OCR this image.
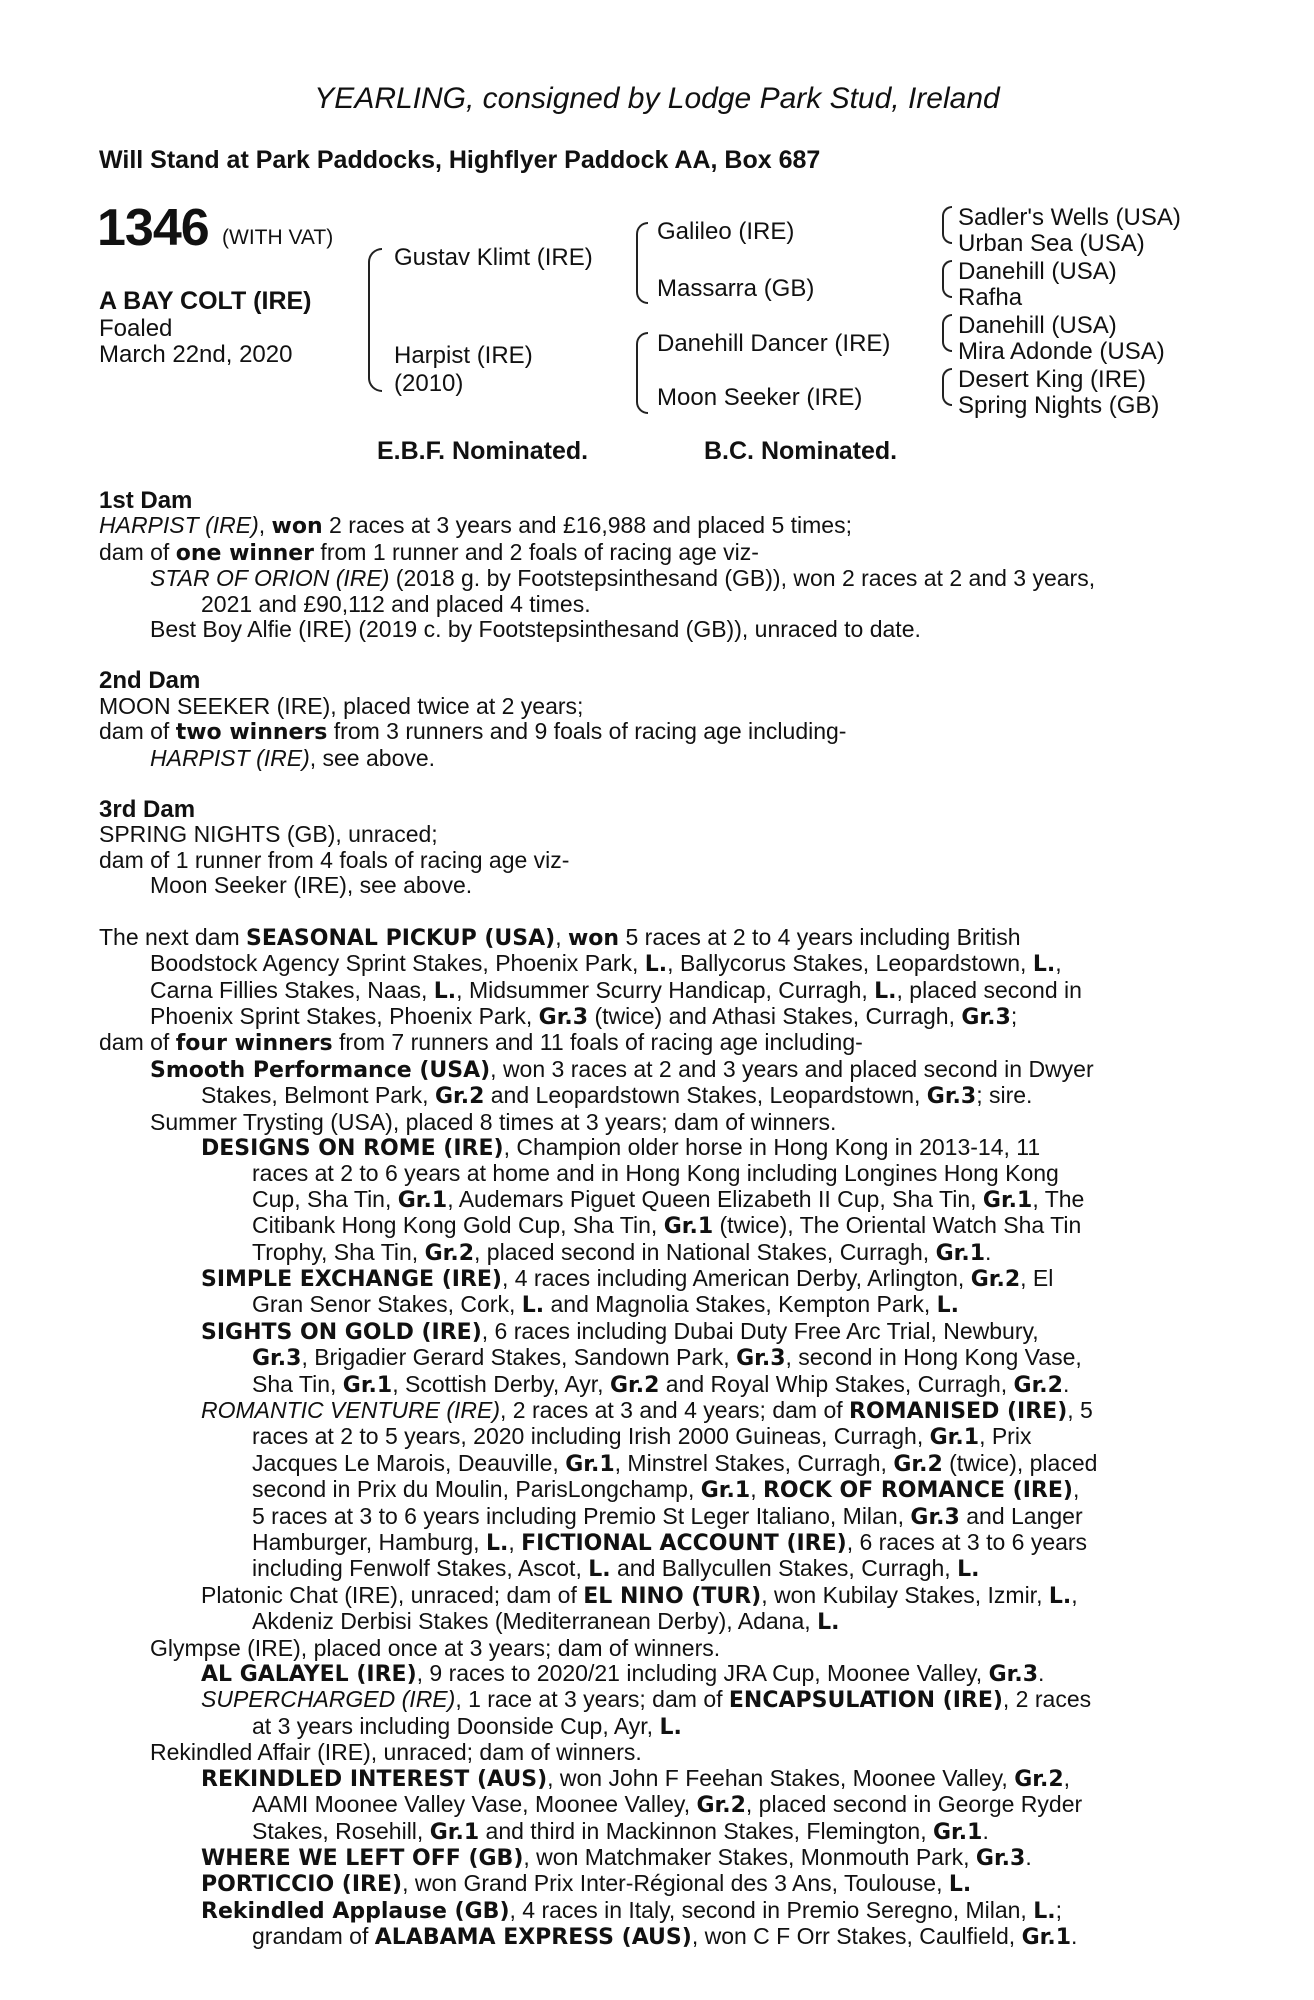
YEARLING, consigned by Lodge Park Stud, Ireland
Will Stand at Park Paddocks, Highflyer Paddock AA, Box 687
1346 (WITH VAT)
A BAY COLT (IRE)
Foaled
March 22nd, 2020
Gustav Klimt (IRE)
Harpist (IRE)
(2010)
Galileo (IRE)
Massarra (GB)
Danehill Dancer (IRE)
Moon Seeker (IRE)
Sadler's Wells (USA)
Urban Sea (USA)
Danehill (USA)
Rafha
Danehill (USA)
Mira Adonde (USA)
Desert King (IRE)
Spring Nights (GB)
E.B.F. Nominated.	B.C. Nominated.
1st Dam
HARPIST (IRE), won 2 races at 3 years and £16,988 and placed 5 times;
dam of one winner from 1 runner and 2 foals of racing age viz-
STAR OF ORION (IRE) (2018 g. by Footstepsinthesand (GB)), won 2 races at 2 and 3 years,
2021 and £90,112 and placed 4 times.
Best Boy Alfie (IRE) (2019 c. by Footstepsinthesand (GB)), unraced to date.
2nd Dam
MOON SEEKER (IRE), placed twice at 2 years;
dam of two winners from 3 runners and 9 foals of racing age including-
HARPIST (IRE), see above.
3rd Dam
SPRING NIGHTS (GB), unraced;
dam of 1 runner from 4 foals of racing age viz-
Moon Seeker (IRE), see above.
The next dam SEASONAL PICKUP (USA), won 5 races at 2 to 4 years including British
Boodstock Agency Sprint Stakes, Phoenix Park, L., Ballycorus Stakes, Leopardstown, L.,
Carna Fillies Stakes, Naas, L., Midsummer Scurry Handicap, Curragh, L., placed second in
Phoenix Sprint Stakes, Phoenix Park, Gr.3 (twice) and Athasi Stakes, Curragh, Gr.3;
dam of four winners from 7 runners and 11 foals of racing age including-
Smooth Performance (USA), won 3 races at 2 and 3 years and placed second in Dwyer
Stakes, Belmont Park, Gr.2 and Leopardstown Stakes, Leopardstown, Gr.3; sire.
Summer Trysting (USA), placed 8 times at 3 years; dam of winners.
DESIGNS ON ROME (IRE), Champion older horse in Hong Kong in 2013-14, 11
races at 2 to 6 years at home and in Hong Kong including Longines Hong Kong
Cup, Sha Tin, Gr.1, Audemars Piguet Queen Elizabeth II Cup, Sha Tin, Gr.1, The
Citibank Hong Kong Gold Cup, Sha Tin, Gr.1 (twice), The Oriental Watch Sha Tin
Trophy, Sha Tin, Gr.2, placed second in National Stakes, Curragh, Gr.1.
SIMPLE EXCHANGE (IRE), 4 races including American Derby, Arlington, Gr.2, El
Gran Senor Stakes, Cork, L. and Magnolia Stakes, Kempton Park, L.
SIGHTS ON GOLD (IRE), 6 races including Dubai Duty Free Arc Trial, Newbury,
Gr.3, Brigadier Gerard Stakes, Sandown Park, Gr.3, second in Hong Kong Vase,
Sha Tin, Gr.1, Scottish Derby, Ayr, Gr.2 and Royal Whip Stakes, Curragh, Gr.2.
ROMANTIC VENTURE (IRE), 2 races at 3 and 4 years; dam of ROMANISED (IRE), 5
races at 2 to 5 years, 2020 including Irish 2000 Guineas, Curragh, Gr.1, Prix
Jacques Le Marois, Deauville, Gr.1, Minstrel Stakes, Curragh, Gr.2 (twice), placed
second in Prix du Moulin, ParisLongchamp, Gr.1, ROCK OF ROMANCE (IRE),
5 races at 3 to 6 years including Premio St Leger Italiano, Milan, Gr.3 and Langer
Hamburger, Hamburg, L., FICTIONAL ACCOUNT (IRE), 6 races at 3 to 6 years
including Fenwolf Stakes, Ascot, L. and Ballycullen Stakes, Curragh, L.
Platonic Chat (IRE), unraced; dam of EL NINO (TUR), won Kubilay Stakes, Izmir, L.,
Akdeniz Derbisi Stakes (Mediterranean Derby), Adana, L.
Glympse (IRE), placed once at 3 years; dam of winners.
AL GALAYEL (IRE), 9 races to 2020/21 including JRA Cup, Moonee Valley, Gr.3.
SUPERCHARGED (IRE), 1 race at 3 years; dam of ENCAPSULATION (IRE), 2 races
at 3 years including Doonside Cup, Ayr, L.
Rekindled Affair (IRE), unraced; dam of winners.
REKINDLED INTEREST (AUS), won John F Feehan Stakes, Moonee Valley, Gr.2,
AAMI Moonee Valley Vase, Moonee Valley, Gr.2, placed second in George Ryder
Stakes, Rosehill, Gr.1 and third in Mackinnon Stakes, Flemington, Gr.1.
WHERE WE LEFT OFF (GB), won Matchmaker Stakes, Monmouth Park, Gr.3.
PORTICCIO (IRE), won Grand Prix Inter-Régional des 3 Ans, Toulouse, L.
Rekindled Applause (GB), 4 races in Italy, second in Premio Seregno, Milan, L.;
grandam of ALABAMA EXPRESS (AUS), won C F Orr Stakes, Caulfield, Gr.1.
